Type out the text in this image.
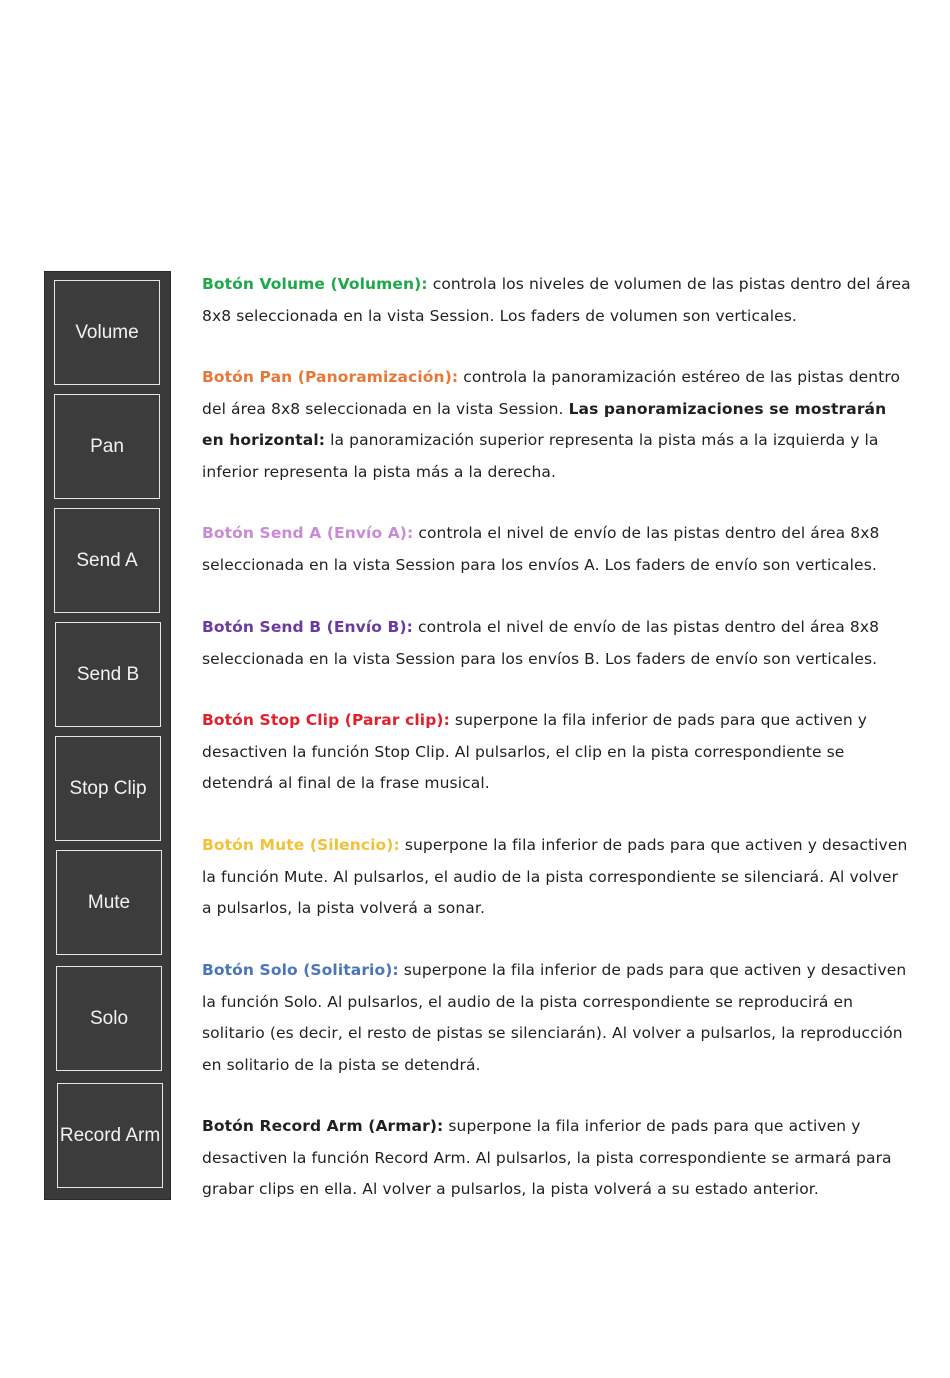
Volume
Pan
Send A
Send B
Stop Clip
Mute
Solo
Record Arm
Botón Volume (Volumen): controla los niveles de volumen de las pistas dentro del área 8x8 seleccionada en la vista Session. Los faders de volumen son verticales.
Botón Pan (Panoramización): controla la panoramización estéreo de las pistas dentro del área 8x8 seleccionada en la vista Session. Las panoramizaciones se mostrarán en horizontal: la panoramización superior representa la pista más a la izquierda y la inferior representa la pista más a la derecha.
Botón Send A (Envío A): controla el nivel de envío de las pistas dentro del área 8x8 seleccionada en la vista Session para los envíos A. Los faders de envío son verticales.
Botón Send B (Envío B): controla el nivel de envío de las pistas dentro del área 8x8 seleccionada en la vista Session para los envíos B. Los faders de envío son verticales.
Botón Stop Clip (Parar clip): superpone la fila inferior de pads para que activen y desactiven la función Stop Clip. Al pulsarlos, el clip en la pista correspondiente se detendrá al final de la frase musical.
Botón Mute (Silencio): superpone la fila inferior de pads para que activen y desactiven la función Mute. Al pulsarlos, el audio de la pista correspondiente se silenciará. Al volver a pulsarlos, la pista volverá a sonar.
Botón Solo (Solitario): superpone la fila inferior de pads para que activen y desactiven la función Solo. Al pulsarlos, el audio de la pista correspondiente se reproducirá en solitario (es decir, el resto de pistas se silenciarán). Al volver a pulsarlos, la reproducción en solitario de la pista se detendrá.
Botón Record Arm (Armar): superpone la fila inferior de pads para que activen y desactiven la función Record Arm. Al pulsarlos, la pista correspondiente se armará para grabar clips en ella. Al volver a pulsarlos, la pista volverá a su estado anterior.
